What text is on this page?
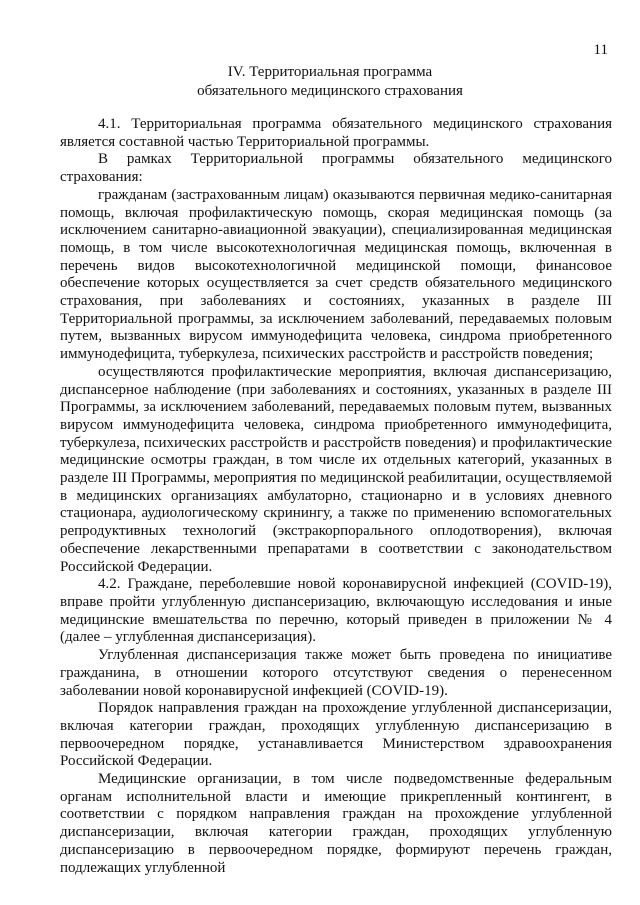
11
IV. Территориальная программа
обязательного медицинского страхования

4.1. Территориальная программа обязательного медицинского страхования является составной частью Территориальной программы.

В рамках Территориальной программы обязательного медицинского страхования:

гражданам (застрахованным лицам) оказываются первичная медико-санитарная помощь, включая профилактическую помощь, скорая медицинская помощь (за исключением санитарно-авиационной эвакуации), специализированная медицинская помощь, в том числе высокотехнологичная медицинская помощь, включенная в перечень видов высокотехнологичной медицинской помощи, финансовое обеспечение которых осуществляется за счет средств обязательного медицинского страхования, при заболеваниях и состояниях, указанных в разделе III Территориальной программы, за исключением заболеваний, передаваемых половым путем, вызванных вирусом иммунодефицита человека, синдрома приобретенного иммунодефицита, туберкулеза, психических расстройств и расстройств поведения;

осуществляются профилактические мероприятия, включая диспансеризацию, диспансерное наблюдение (при заболеваниях и состояниях, указанных в разделе III Программы, за исключением заболеваний, передаваемых половым путем, вызванных вирусом иммунодефицита человека, синдрома приобретенного иммунодефицита, туберкулеза, психических расстройств и расстройств поведения) и профилактические медицинские осмотры граждан, в том числе их отдельных категорий, указанных в разделе III Программы, мероприятия по медицинской реабилитации, осуществляемой в медицинских организациях амбулаторно, стационарно и в условиях дневного стационара, аудиологическому скринингу, а также по применению вспомогательных репродуктивных технологий (экстракорпорального оплодотворения), включая обеспечение лекарственными препаратами в соответствии с законодательством Российской Федерации.

4.2. Граждане, переболевшие новой коронавирусной инфекцией (COVID-19), вправе пройти углубленную диспансеризацию, включающую исследования и иные медицинские вмешательства по перечню, который приведен в приложении № 4 (далее – углубленная диспансеризация).

Углубленная диспансеризация также может быть проведена по инициативе гражданина, в отношении которого отсутствуют сведения о перенесенном заболевании новой коронавирусной инфекцией (COVID-19).

Порядок направления граждан на прохождение углубленной диспансеризации, включая категории граждан, проходящих углубленную диспансеризацию в первоочередном порядке, устанавливается Министерством здравоохранения Российской Федерации.

Медицинские организации, в том числе подведомственные федеральным органам исполнительной власти и имеющие прикрепленный контингент, в соответствии с порядком направления граждан на прохождение углубленной диспансеризации, включая категории граждан, проходящих углубленную диспансеризацию в первоочередном порядке, формируют перечень граждан, подлежащих углубленной
